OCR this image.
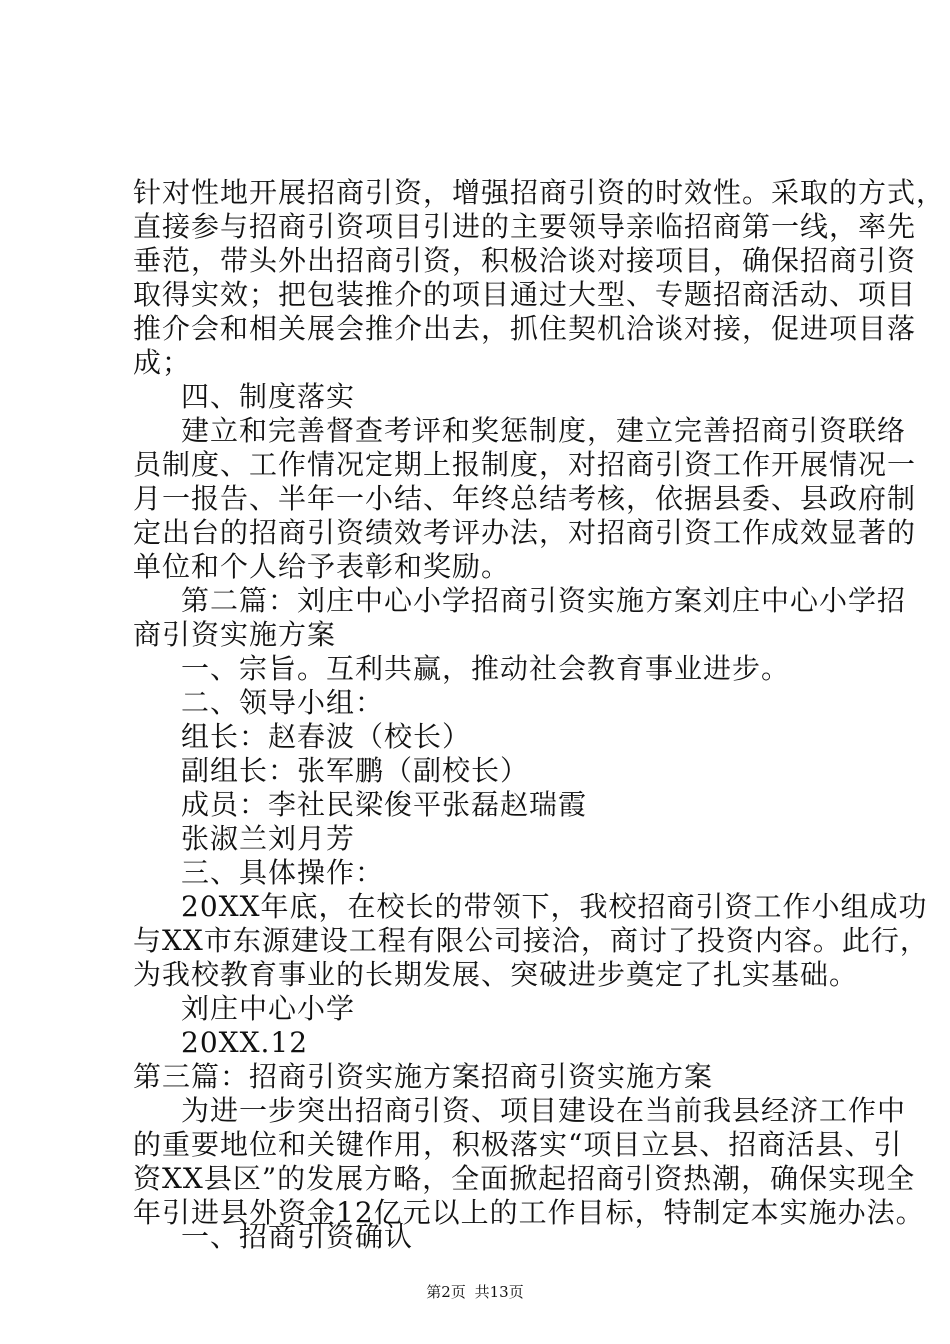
针对性地开展招商引资，增强招商引资的时效性。采取的方式，
直接参与招商引资项目引进的主要领导亲临招商第一线，率先
垂范，带头外出招商引资，积极洽谈对接项目，确保招商引资
取得实效；把包装推介的项目通过大型、专题招商活动、项目
推介会和相关展会推介出去，抓住契机洽谈对接，促进项目落
成；
四、制度落实
建立和完善督查考评和奖惩制度，建立完善招商引资联络
员制度、工作情况定期上报制度，对招商引资工作开展情况一
月一报告、半年一小结、年终总结考核，依据县委、县政府制
定出台的招商引资绩效考评办法，对招商引资工作成效显著的
单位和个人给予表彰和奖励。
第二篇：刘庄中心小学招商引资实施方案刘庄中心小学招
商引资实施方案
一、宗旨。互利共赢，推动社会教育事业进步。
二、领导小组：
组长：赵春波（校长）
副组长：张军鹏（副校长）
成员：李社民梁俊平张磊赵瑞霞
张淑兰刘月芳
三、具体操作：
20XX年底，在校长的带领下，我校招商引资工作小组成功
与XX市东源建设工程有限公司接洽，商讨了投资内容。此行，
为我校教育事业的长期发展、突破进步奠定了扎实基础。
刘庄中心小学
20XX.12
第三篇：招商引资实施方案招商引资实施方案
为进一步突出招商引资、项目建设在当前我县经济工作中
的重要地位和关键作用，积极落实“项目立县、招商活县、引
资XX县区”的发展方略，全面掀起招商引资热潮，确保实现全
年引进县外资金12亿元以上的工作目标，特制定本实施办法。
一、招商引资确认
第2页 共13页
